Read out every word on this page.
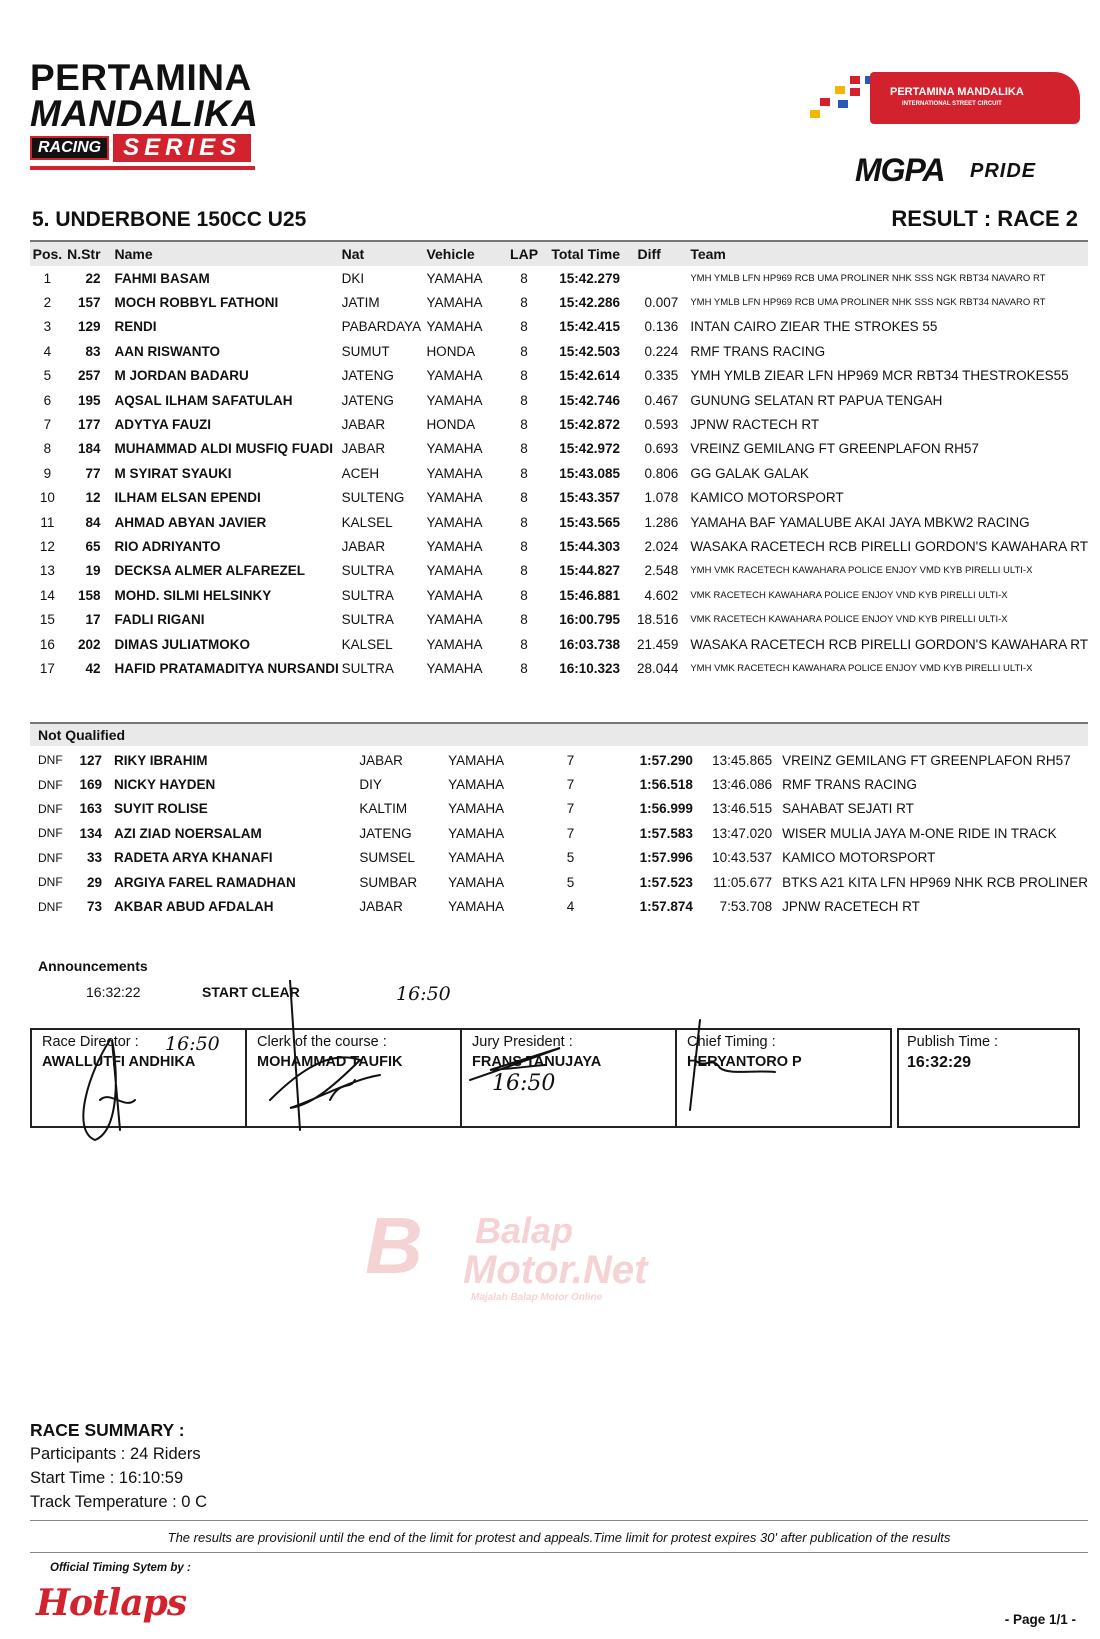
PERTAMINA
MANDALIKA
RACING SERIES
PERTAMINA MANDALIKA
INTERNATIONAL STREET CIRCUIT
MGPA PRIDE
5. UNDERBONE 150CC U25	RESULT : RACE 2
Pos.	N.Str	Name	Nat	Vehicle	LAP	Total Time	Diff	Team
1	22	FAHMI BASAM	DKI	YAMAHA	8	15:42.279		YMH YMLB LFN HP969 RCB UMA PROLINER NHK SSS NGK RBT34 NAVARO RT
2	157	MOCH ROBBYL FATHONI	JATIM	YAMAHA	8	15:42.286	0.007	YMH YMLB LFN HP969 RCB UMA PROLINER NHK SSS NGK RBT34 NAVARO RT
3	129	RENDI	PABARDAYA	YAMAHA	8	15:42.415	0.136	INTAN CAIRO ZIEAR THE STROKES 55
4	83	AAN RISWANTO	SUMUT	HONDA	8	15:42.503	0.224	RMF TRANS RACING
5	257	M JORDAN BADARU	JATENG	YAMAHA	8	15:42.614	0.335	YMH YMLB ZIEAR LFN HP969 MCR RBT34 THESTROKES55
6	195	AQSAL ILHAM SAFATULAH	JATENG	YAMAHA	8	15:42.746	0.467	GUNUNG SELATAN RT PAPUA TENGAH
7	177	ADYTYA FAUZI	JABAR	HONDA	8	15:42.872	0.593	JPNW RACTECH RT
8	184	MUHAMMAD ALDI MUSFIQ FUADI	JABAR	YAMAHA	8	15:42.972	0.693	VREINZ GEMILANG FT GREENPLAFON RH57
9	77	M SYIRAT SYAUKI	ACEH	YAMAHA	8	15:43.085	0.806	GG GALAK GALAK
10	12	ILHAM ELSAN EPENDI	SULTENG	YAMAHA	8	15:43.357	1.078	KAMICO MOTORSPORT
11	84	AHMAD ABYAN JAVIER	KALSEL	YAMAHA	8	15:43.565	1.286	YAMAHA BAF YAMALUBE AKAI JAYA MBKW2 RACING
12	65	RIO ADRIYANTO	JABAR	YAMAHA	8	15:44.303	2.024	WASAKA RACETECH RCB PIRELLI GORDON'S KAWAHARA RT
13	19	DECKSA ALMER ALFAREZEL	SULTRA	YAMAHA	8	15:44.827	2.548	YMH VMK RACETECH KAWAHARA POLICE ENJOY VMD KYB PIRELLI ULTI-X
14	158	MOHD. SILMI HELSINKY	SULTRA	YAMAHA	8	15:46.881	4.602	VMK RACETECH KAWAHARA POLICE ENJOY VND KYB PIRELLI ULTI-X
15	17	FADLI RIGANI	SULTRA	YAMAHA	8	16:00.795	18.516	VMK RACETECH KAWAHARA POLICE ENJOY VND KYB PIRELLI ULTI-X
16	202	DIMAS JULIATMOKO	KALSEL	YAMAHA	8	16:03.738	21.459	WASAKA RACETECH RCB PIRELLI GORDON'S KAWAHARA RT
17	42	HAFID PRATAMADITYA NURSANDI	SULTRA	YAMAHA	8	16:10.323	28.044	YMH VMK RACETECH KAWAHARA POLICE ENJOY VMD KYB PIRELLI ULTI-X
Not Qualified
DNF	127	RIKY IBRAHIM	JABAR	YAMAHA	7	1:57.290	13:45.865	VREINZ GEMILANG FT GREENPLAFON RH57
DNF	169	NICKY HAYDEN	DIY	YAMAHA	7	1:56.518	13:46.086	RMF TRANS RACING
DNF	163	SUYIT ROLISE	KALTIM	YAMAHA	7	1:56.999	13:46.515	SAHABAT SEJATI RT
DNF	134	AZI ZIAD NOERSALAM	JATENG	YAMAHA	7	1:57.583	13:47.020	WISER MULIA JAYA M-ONE RIDE IN TRACK
DNF	33	RADETA ARYA KHANAFI	SUMSEL	YAMAHA	5	1:57.996	10:43.537	KAMICO MOTORSPORT
DNF	29	ARGIYA FAREL RAMADHAN	SUMBAR	YAMAHA	5	1:57.523	11:05.677	BTKS A21 KITA LFN HP969 NHK RCB PROLINER
DNF	73	AKBAR ABUD AFDALAH	JABAR	YAMAHA	4	1:57.874	7:53.708	JPNW RACETECH RT
Announcements
16:32:22	START CLEAR
Race Director :
AWALLUTFI ANDHIKA
Clerk of the course :
MOHAMMAD TAUFIK
Jury President :
FRANS TANUJAYA
Chief Timing :
HERYANTORO P
Publish Time :
16:32:29
16:50
16:50
16:50
B Balap
Motor.Net
Majalah Balap Motor Online
RACE SUMMARY :
Participants : 24 Riders
Start Time : 16:10:59
Track Temperature : 0 C
The results are provisionil until the end of the limit for protest and appeals.Time limit for protest expires 30' after publication of the results
Official Timing Sytem by :
Hotlaps	- Page 1/1 -
